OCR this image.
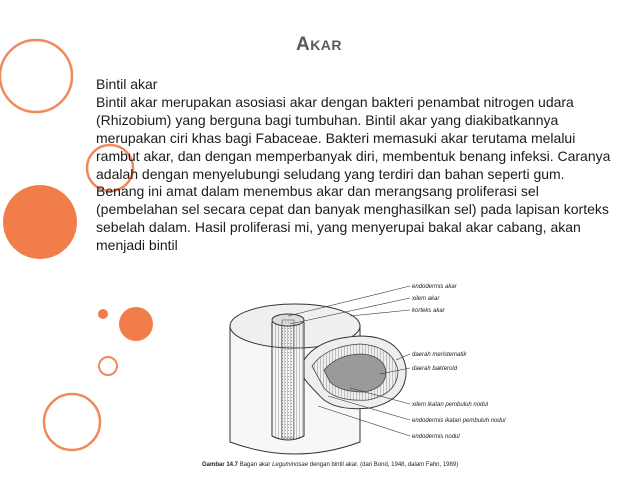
AKAR

Bintil akar

Bintil akar merupakan asosiasi akar dengan bakteri penambat nitrogen udara (Rhizobium) yang berguna bagi tumbuhan. Bintil akar yang diakibatkannya merupakan ciri khas bagi Fabaceae. Bakteri memasuki akar terutama melalui rambut akar, dan dengan memperbanyak diri, membentuk benang infeksi. Caranya adalah dengan menyelubungi seludang yang terdiri dan bahan seperti gum. Benang ini amat dalam menembus akar dan merangsang proliferasi sel (pembelahan sel secara cepat dan banyak menghasilkan sel) pada lapisan korteks sebelah dalam. Hasil proliferasi mi, yang menyerupai bakal akar cabang, akan menjadi bintil

endodermis akar
xilem akar
korteks akar
daerah meristematik
daerah bakteroid
xilem ikatan pembuluh nodul
endodermis ikatan pembuluh nodul
endodermis nodul
Gambar 14.7 Bagan akar Leguminosae dengan bintil akar. (dari Bond, 1948, dalam Fahn, 1989)
